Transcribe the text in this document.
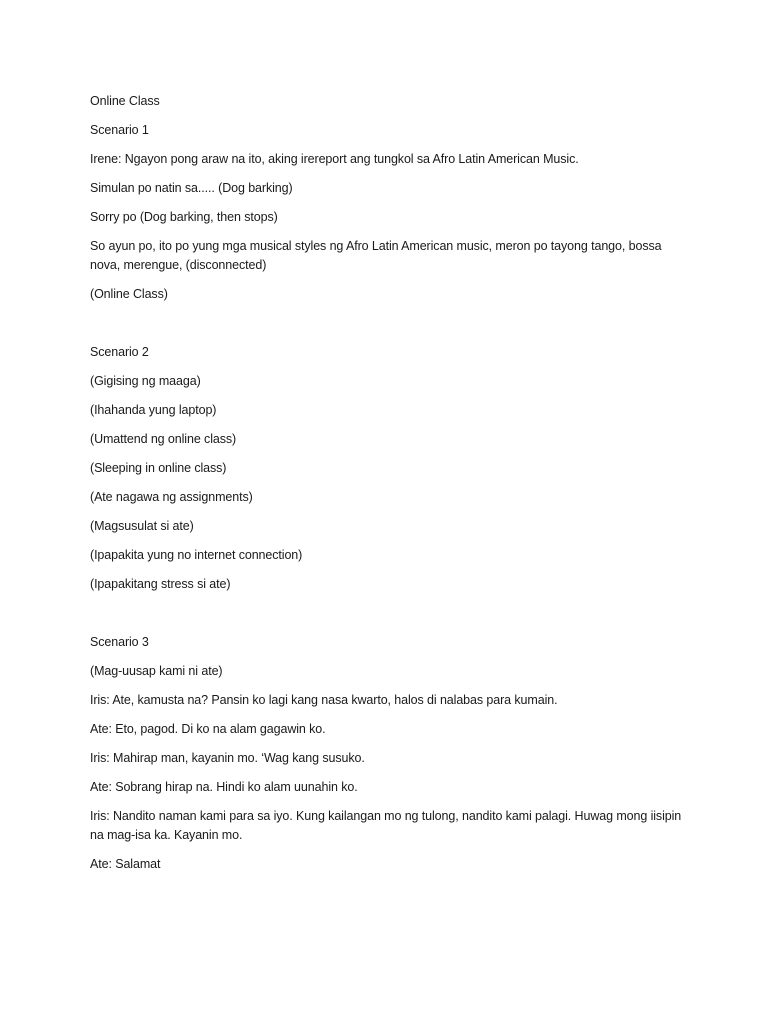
Online Class

Scenario 1

Irene: Ngayon pong araw na ito, aking irereport ang tungkol sa Afro Latin American Music.

Simulan po natin sa..... (Dog barking)

Sorry po (Dog barking, then stops)

So ayun po, ito po yung mga musical styles ng Afro Latin American music, meron po tayong tango, bossa nova, merengue, (disconnected)

(Online Class)

Scenario 2

(Gigising ng maaga)

(Ihahanda yung laptop)

(Umattend ng online class)

(Sleeping in online class)

(Ate nagawa ng assignments)

(Magsusulat si ate)

(Ipapakita yung no internet connection)

(Ipapakitang stress si ate)

Scenario 3

(Mag-uusap kami ni ate)

Iris: Ate, kamusta na? Pansin ko lagi kang nasa kwarto, halos di nalabas para kumain.

Ate: Eto, pagod. Di ko na alam gagawin ko.

Iris: Mahirap man, kayanin mo. ‘Wag kang susuko.

Ate: Sobrang hirap na. Hindi ko alam uunahin ko.

Iris: Nandito naman kami para sa iyo. Kung kailangan mo ng tulong, nandito kami palagi. Huwag mong iisipin na mag-isa ka. Kayanin mo.

Ate: Salamat
